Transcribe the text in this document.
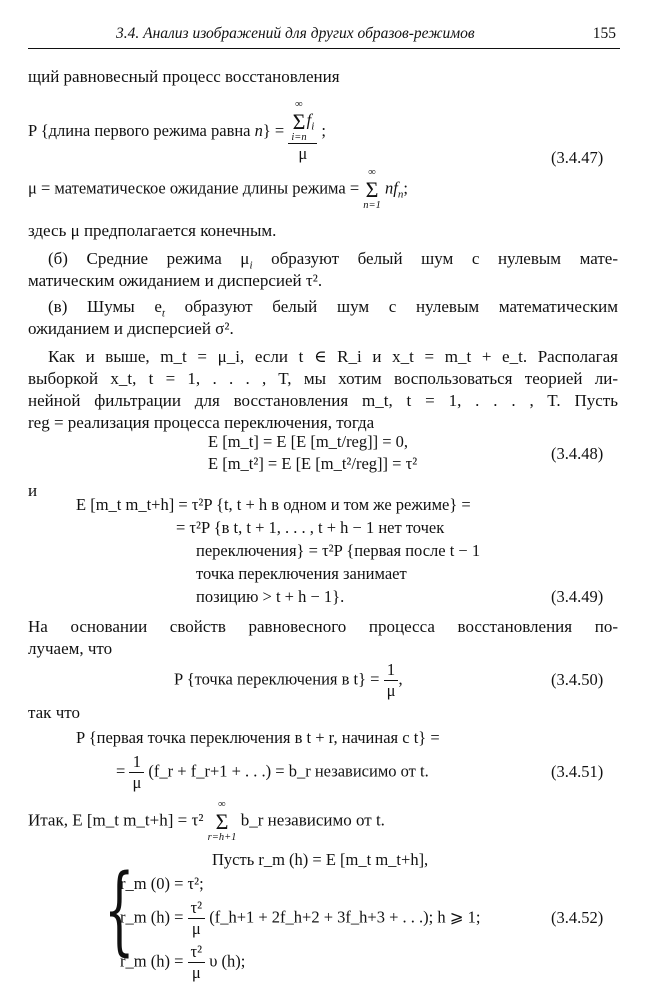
3.4. Анализ изображений для других образов-режимов	155
щий равновесный процесс восстановления
P {длина первого режима равна n} = ∞
Σ
i=n
$f_i$
μ ;
(3.4.47)
μ = математическое ожидание длины режима =
∞
Σ
n=1
$nf_n$;
здесь μ предполагается конечным.
(б) Средние режима $\mu_i$ образуют белый шум с нулевым мате-
матическим ожиданием и дисперсией τ².
(в) Шумы $e_t$ образуют белый шум с нулевым математическим
ожиданием и дисперсией σ².
Как и выше, m_t = μ_i, если t ∈ R_i и x_t = m_t + e_t. Располагая
выборкой x_t, t = 1, . . . , T, мы хотим воспользоваться теорией ли-
нейной фильтрации для восстановления m_t, t = 1, . . . , T. Пусть
reg = реализация процесса переключения, тогда
E [m_t] = E [E [m_t/reg]] = 0,
E [m_t²] = E [E [m_t²/reg]] = τ²
(3.4.48)
и
E [m_t m_t+h] = τ²P {t, t + h в одном и том же режиме} =
= τ²P {в t, t + 1, . . . , t + h − 1 нет точек
переключения} = τ²P {первая после t − 1
точка переключения занимает
позицию > t + h − 1}.	(3.4.49)
На основании свойств равновесного процесса восстановления по-
лучаем, что
P {точка переключения в $t\} = \frac{1}{\mu}$ ,	(3.4.50)
так что
P {первая точка переключения в t + r, начиная с t} =
= $\frac{1}{\mu}$ (f_r + f_r+1 + . . .) = b_r независимо от t.	(3.4.51)
Итак, E [m_t m_t+h] = τ²
∞
Σ
r=h+1
b_r независимо от t.
Пусть r_m (h) = E [m_t m_t+h],
{
r_m (0) = τ²;
r_m $(h) = \frac{\text{τ²}}{\mu}$ (f_h+1 + 2f_h+2 + 3f_h+3 + . . .); h ⩾ 1;	(3.4.52)
r_m $(h) = \frac{\text{τ²}}{\mu}$ υ (h);
